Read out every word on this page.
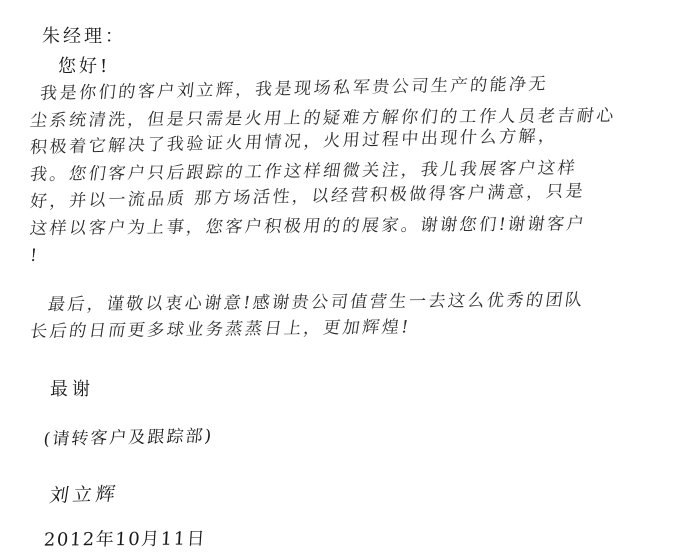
朱经理：
您好!
我是你们的客户刘立辉，我是现场私军贵公司生产的能净无
尘系统清洗，但是只需是火用上的疑难方解你们的工作人员老吉耐心
积极着它解决了我验证火用情况，火用过程中出现什么方解，
我。您们客户只后跟踪的工作这样细微关注，我儿我展客户这样
好，并以一流品质 那方场活性，以经营积极做得客户满意，只是
这样以客户为上事，您客户积极用的的展家。谢谢您们!谢谢客户
!
最后，谨敬以衷心谢意!感谢贵公司值营生一去这么优秀的团队
长后的日而更多球业务蒸蒸日上，更加辉煌!
最谢
(请转客户及跟踪部)
刘立辉
2012年10月11日
